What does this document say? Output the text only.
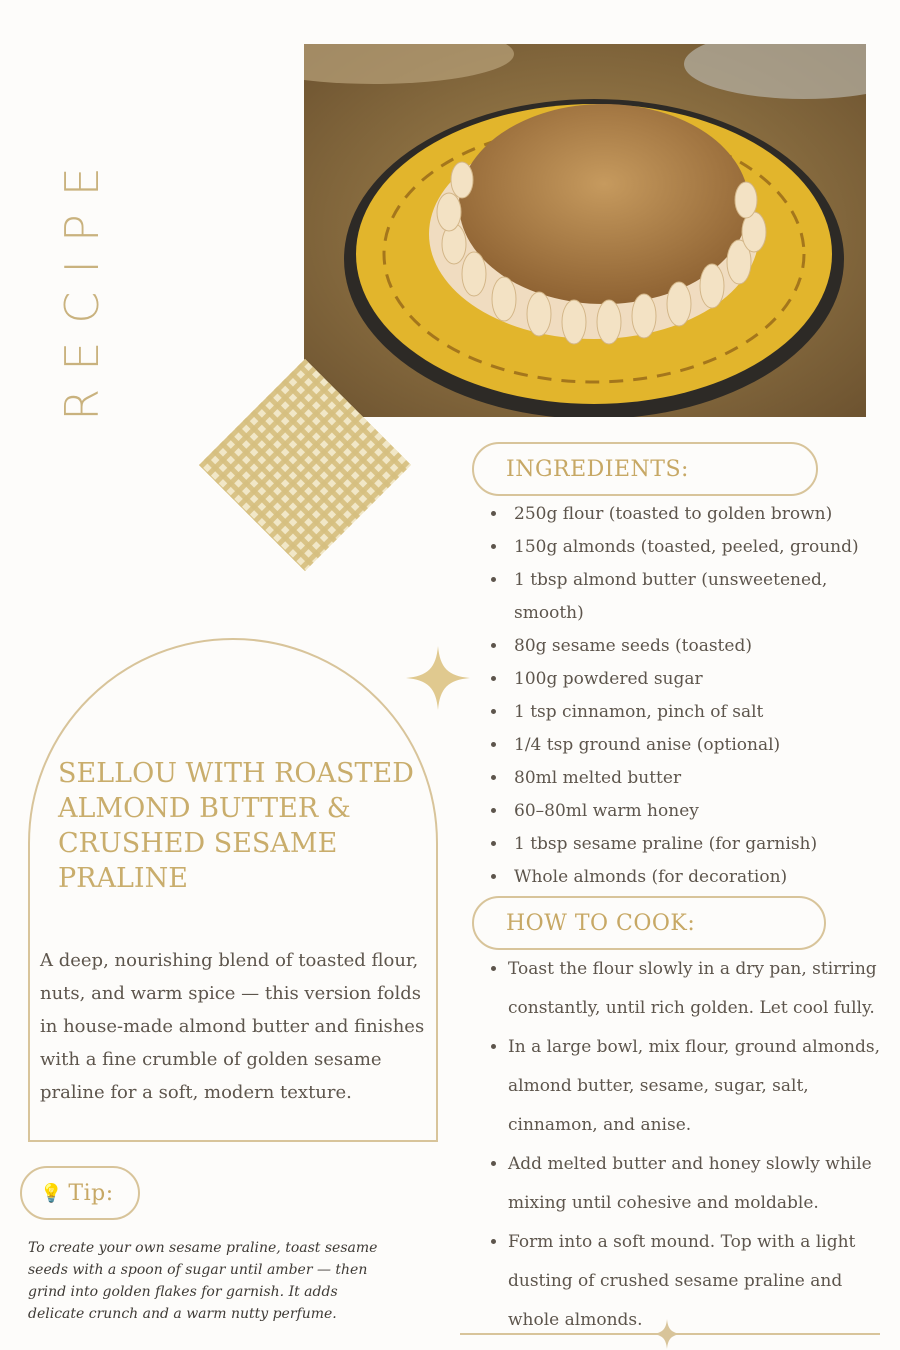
RECIPE
INGREDIENTS:
• 250g flour (toasted to golden brown)
• 150g almonds (toasted, peeled, ground)
• 1 tbsp almond butter (unsweetened, smooth)
• 80g sesame seeds (toasted)
• 100g powdered sugar
• 1 tsp cinnamon, pinch of salt
• 1/4 tsp ground anise (optional)
• 80ml melted butter
• 60–80ml warm honey
• 1 tbsp sesame praline (for garnish)
• Whole almonds (for decoration)
HOW TO COOK:
• Toast the flour slowly in a dry pan, stirring constantly, until rich golden. Let cool fully.
• In a large bowl, mix flour, ground almonds, almond butter, sesame, sugar, salt, cinnamon, and anise.
• Add melted butter and honey slowly while mixing until cohesive and moldable.
• Form into a soft mound. Top with a light dusting of crushed sesame praline and whole almonds.
SELLOU WITH ROASTED ALMOND BUTTER & CRUSHED SESAME PRALINE

A deep, nourishing blend of toasted flour, nuts, and warm spice — this version folds in house-made almond butter and finishes with a fine crumble of golden sesame praline for a soft, modern texture.

💡 Tip:

To create your own sesame praline, toast sesame seeds with a spoon of sugar until amber — then grind into golden flakes for garnish. It adds delicate crunch and a warm nutty perfume.
